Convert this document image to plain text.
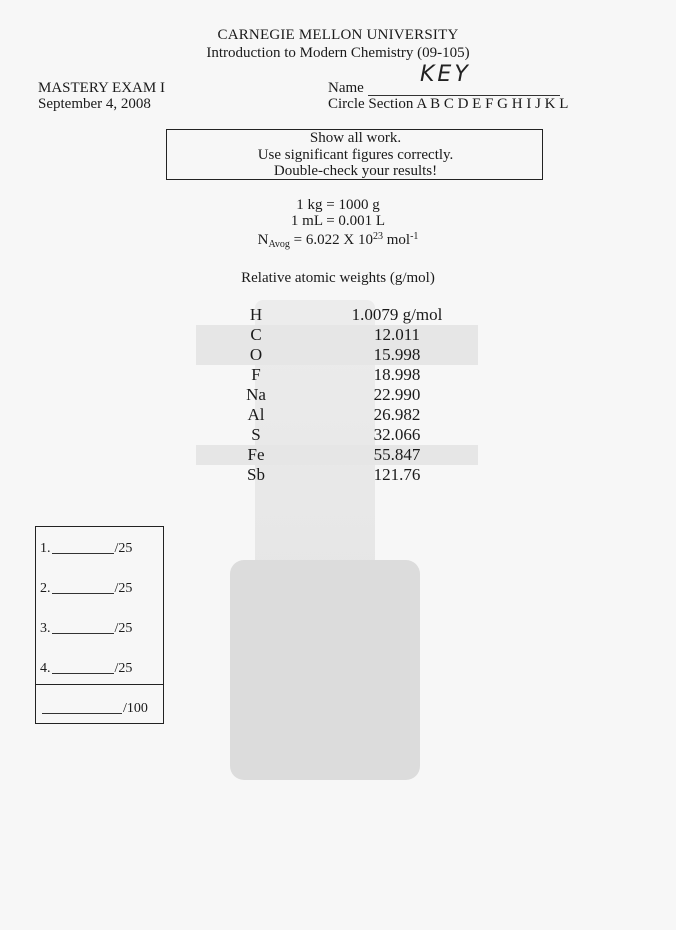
CARNEGIE MELLON UNIVERSITY
Introduction to Modern Chemistry (09-105)
MASTERY EXAM I
September 4, 2008
Name
KEY
Circle Section A B C D E F G H I J K L
Show all work.
Use significant figures correctly.
Double-check your results!
1 kg = 1000 g
1 mL = 0.001 L
$N_{Avog} = 6.022$ X $10^{23}$ mol$^{-1}$
Relative atomic weights (g/mol)
H	1.0079 g/mol
C	12.011
O	15.998
F	18.998
Na	22.990
Al	26.982
S	32.066
Fe	55.847
Sb	121.76
1.	/25
2.	/25
3.	/25
4.	/25
/100
